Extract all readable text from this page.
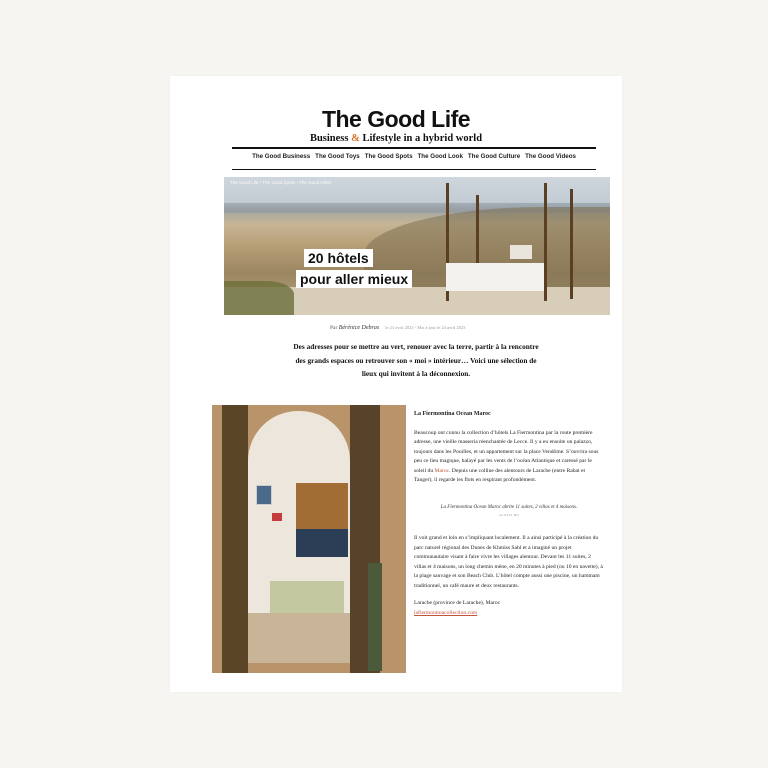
The Good Life
Business & Lifestyle in a hybrid world
The Good Business The Good Toys The Good Spots The Good Look The Good Culture The Good Videos
The Good Life › The Good Spots › The Good Hôtel
20 hôtels
pour aller mieux
Par Bérénice Debras le 21 avril 2023 - Mis à jour le 24 avril 2023
Des adresses pour se mettre au vert, renouer avec la terre, partir à la rencontre des grands espaces ou retrouver son « moi » intérieur… Voici une sélection de lieux qui invitent à la déconnexion.
La Fiermontina Ocean Maroc

Beaucoup ont connu la collection d’hôtels La Fiermontina par la route première adresse, une vieille masseria réenchantée de Lecce. Il y a eu ensuite un palazzo, toujours dans les Pouilles, et un appartement sur la place Vendôme. S’ouvrira sous peu ce lieu magique, balayé par les vents de l’océan Atlantique et caressé par le soleil du Maroc. Depuis une colline des alentours de Larache (entre Rabat et Tanger), il regarde les flots en respirant profondément.

La Fiermontina Ocean Maroc abrite 11 suites, 2 villas et 4 maisons.
ALEXIS HO

Il voit grand et loin en s’impliquant localement. Il a ainsi participé à la création du parc naturel régional des Dunes de Khmiss Sahl et a imaginé un projet communautaire visant à faire vivre les villages alentour. Devant les 11 suites, 2 villas et 4 maisons, un long chemin mène, en 20 minutes à pied (ou 10 en navette), à la plage sauvage et son Beach Club. L’hôtel compte aussi une piscine, un hammam traditionnel, un café maure et deux restaurants.

Larache (province de Larache), Maroc
lafiermontinacollection.com
